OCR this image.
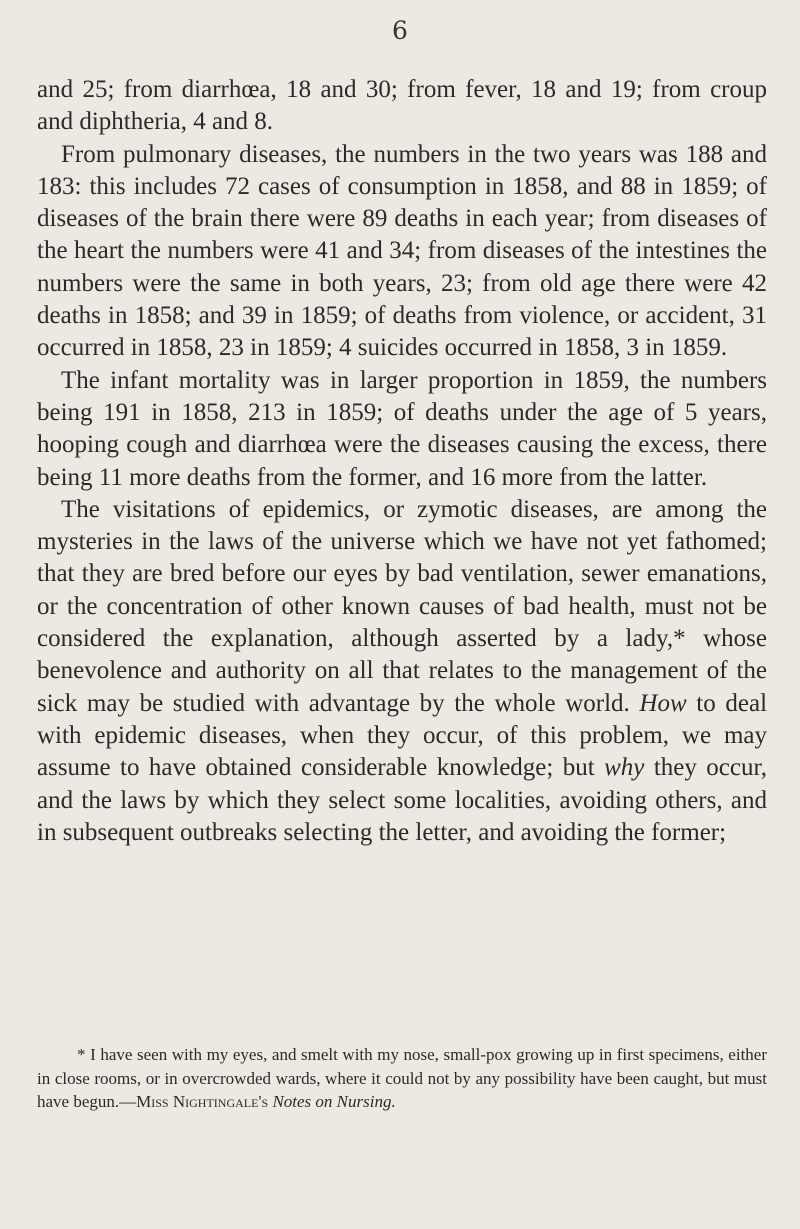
6

and 25; from diarrhœa, 18 and 30; from fever, 18 and 19; from croup and diphtheria, 4 and 8.

From pulmonary diseases, the numbers in the two years was 188 and 183: this includes 72 cases of consumption in 1858, and 88 in 1859; of diseases of the brain there were 89 deaths in each year; from diseases of the heart the numbers were 41 and 34; from diseases of the intestines the numbers were the same in both years, 23; from old age there were 42 deaths in 1858; and 39 in 1859; of deaths from violence, or accident, 31 occurred in 1858, 23 in 1859; 4 suicides occurred in 1858, 3 in 1859.

The infant mortality was in larger proportion in 1859, the numbers being 191 in 1858, 213 in 1859; of deaths under the age of 5 years, hooping cough and diarrhœa were the diseases causing the excess, there being 11 more deaths from the former, and 16 more from the latter.

The visitations of epidemics, or zymotic diseases, are among the mysteries in the laws of the universe which we have not yet fathomed; that they are bred before our eyes by bad ventilation, sewer emanations, or the concentration of other known causes of bad health, must not be considered the explanation, although asserted by a lady,* whose benevolence and authority on all that relates to the management of the sick may be studied with advantage by the whole world. How to deal with epidemic diseases, when they occur, of this problem, we may assume to have obtained considerable knowledge; but why they occur, and the laws by which they select some localities, avoiding others, and in subsequent outbreaks selecting the letter, and avoiding the former;

* I have seen with my eyes, and smelt with my nose, small-pox growing up in first specimens, either in close rooms, or in overcrowded wards, where it could not by any possibility have been caught, but must have begun.—Miss Nightingale's Notes on Nursing.
